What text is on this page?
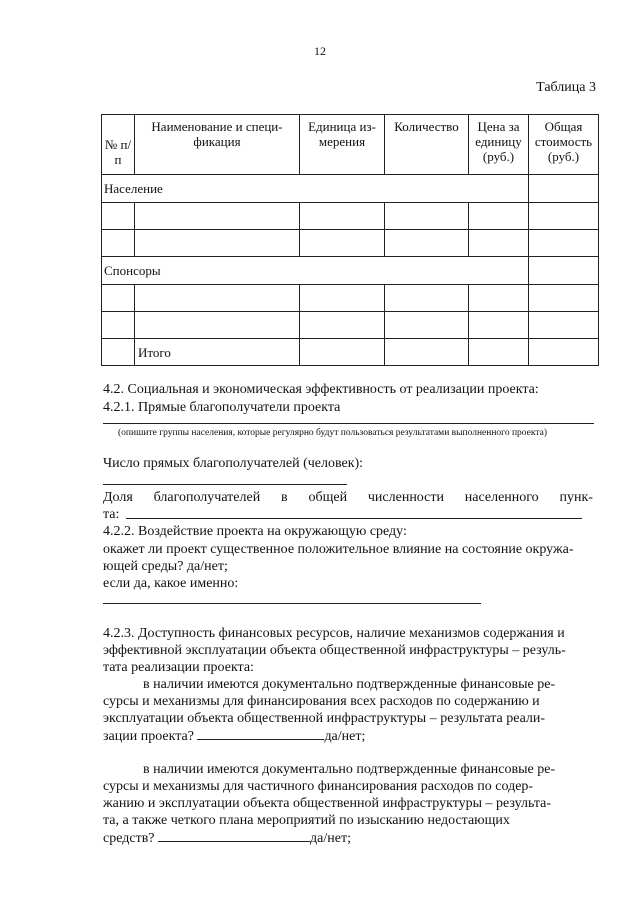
12
Таблица 3
№ п/п	Наименование и специ-фикация	Единица из-мерения	Количество	Цена за единицу (руб.)	Общая стоимость (руб.)
Население					

Спонсоры					

	Итого				
4.2. Социальная и экономическая эффективность от реализации проекта:
4.2.1. Прямые благополучатели проекта
(опишите группы населения, которые регулярно будут пользоваться результатами выполненного проекта)
Число прямых благополучателей (человек):
Доля благополучателей в общей численности населенного пунк-
та:
4.2.2. Воздействие проекта на окружающую среду:
окажет ли проект существенное положительное влияние на состояние окружа-
ющей среды? да/нет;
если да, какое именно:
4.2.3. Доступность финансовых ресурсов, наличие механизмов содержания и
эффективной эксплуатации объекта общественной инфраструктуры – резуль-
тата реализации проекта:
в наличии имеются документально подтвержденные финансовые ре-
сурсы и механизмы для финансирования всех расходов по содержанию и
эксплуатации объекта общественной инфраструктуры – результата реали-
зации проекта?	да/нет;
в наличии имеются документально подтвержденные финансовые ре-
сурсы и механизмы для частичного финансирования расходов по содер-
жанию и эксплуатации объекта общественной инфраструктуры – результа-
та, а также четкого плана мероприятий по изысканию недостающих
средств?	да/нет;
